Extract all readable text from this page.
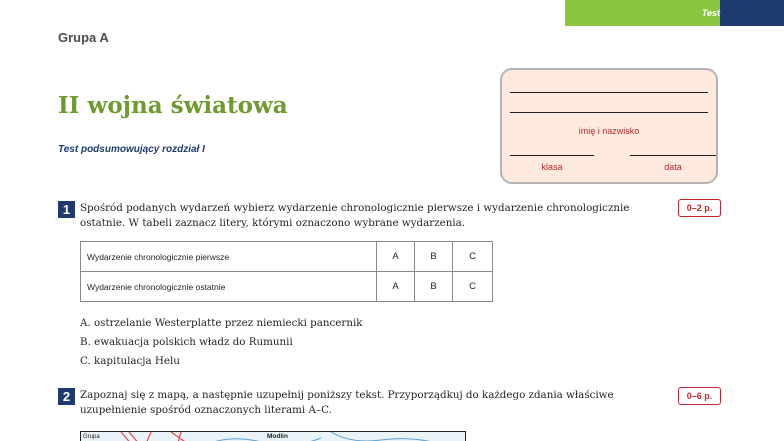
Test
Grupa A
II wojna światowa
Test podsumowujący rozdział I
imię i nazwisko
klasa	data
1 Spośród podanych wydarzeń wybierz wydarzenie chronologicznie pierwsze i wydarzenie chronologicznie
ostatnie. W tabeli zaznacz litery, którymi oznaczono wybrane wydarzenia.
0–2 p.
Wydarzenie chronologicznie pierwsze	A	B	C
Wydarzenie chronologicznie ostatnie	A	B	C
A. ostrzelanie Westerplatte przez niemiecki pancernik
B. ewakuacja polskich władz do Rumunii
C. kapitulacja Helu
2 Zapoznaj się z mapą, a następnie uzupełnij poniższy tekst. Przyporządkuj do każdego zdania właściwe
uzupełnienie spośród oznaczonych literami A–C.
0–6 p.
Grupa	Modlin
